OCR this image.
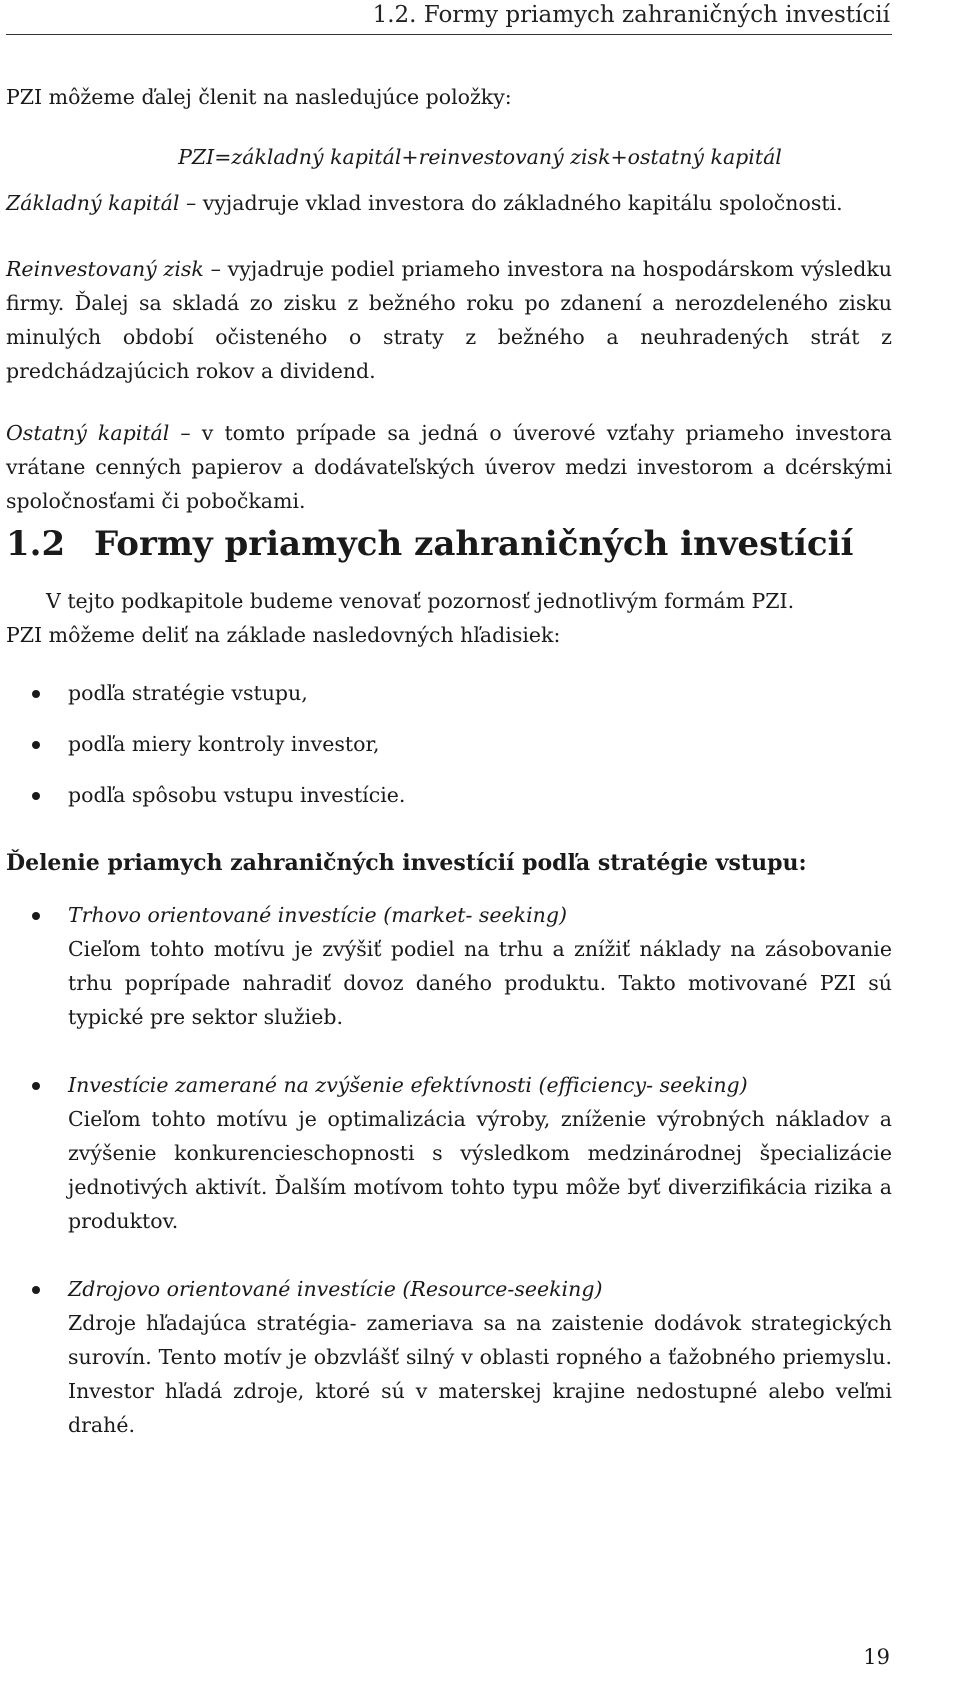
1.2. Formy priamych zahraničných investícií
PZI môžeme ďalej členit na nasledujúce položky:
PZI=základný kapitál+reinvestovaný zisk+ostatný kapitál
Základný kapitál – vyjadruje vklad investora do základného kapitálu spoločnosti.
Reinvestovaný zisk – vyjadruje podiel priameho investora na hospodárskom výsledku firmy. Ďalej sa skladá zo zisku z bežného roku po zdanení a nerozdeleného zisku minulých období očisteného o straty z bežného a neuhradených strát z predchádzajúcich rokov a dividend.
Ostatný kapitál – v tomto prípade sa jedná o úverové vzťahy priameho investora vrátane cenných papierov a dodávateľských úverov medzi investorom a dcérskými spoločnosťami či pobočkami.
1.2 Formy priamych zahraničných investícií
V tejto podkapitole budeme venovať pozornosť jednotlivým formám PZI.
PZI môžeme deliť na základe nasledovných hľadisiek:
podľa stratégie vstupu,
podľa miery kontroly investor,
podľa spôsobu vstupu investície.
Ďelenie priamych zahraničných investícií podľa stratégie vstupu:
Trhovo orientované investície (market- seeking)
Cieľom tohto motívu je zvýšiť podiel na trhu a znížiť náklady na zásobovanie trhu poprípade nahradiť dovoz daného produktu. Takto motivované PZI sú typické pre sektor služieb.
Investície zamerané na zvýšenie efektívnosti (efficiency- seeking)
Cieľom tohto motívu je optimalizácia výroby, zníženie výrobných nákladov a zvýšenie konkurencieschopnosti s výsledkom medzinárodnej špecializácie jednotivých aktivít. Ďalším motívom tohto typu môže byť diverzifikácia rizika a produktov.
Zdrojovo orientované investície (Resource-seeking)
Zdroje hľadajúca stratégia- zameriava sa na zaistenie dodávok strategických surovín. Tento motív je obzvlášť silný v oblasti ropného a ťažobného priemyslu. Investor hľadá zdroje, ktoré sú v materskej krajine nedostupné alebo veľmi drahé.
19
